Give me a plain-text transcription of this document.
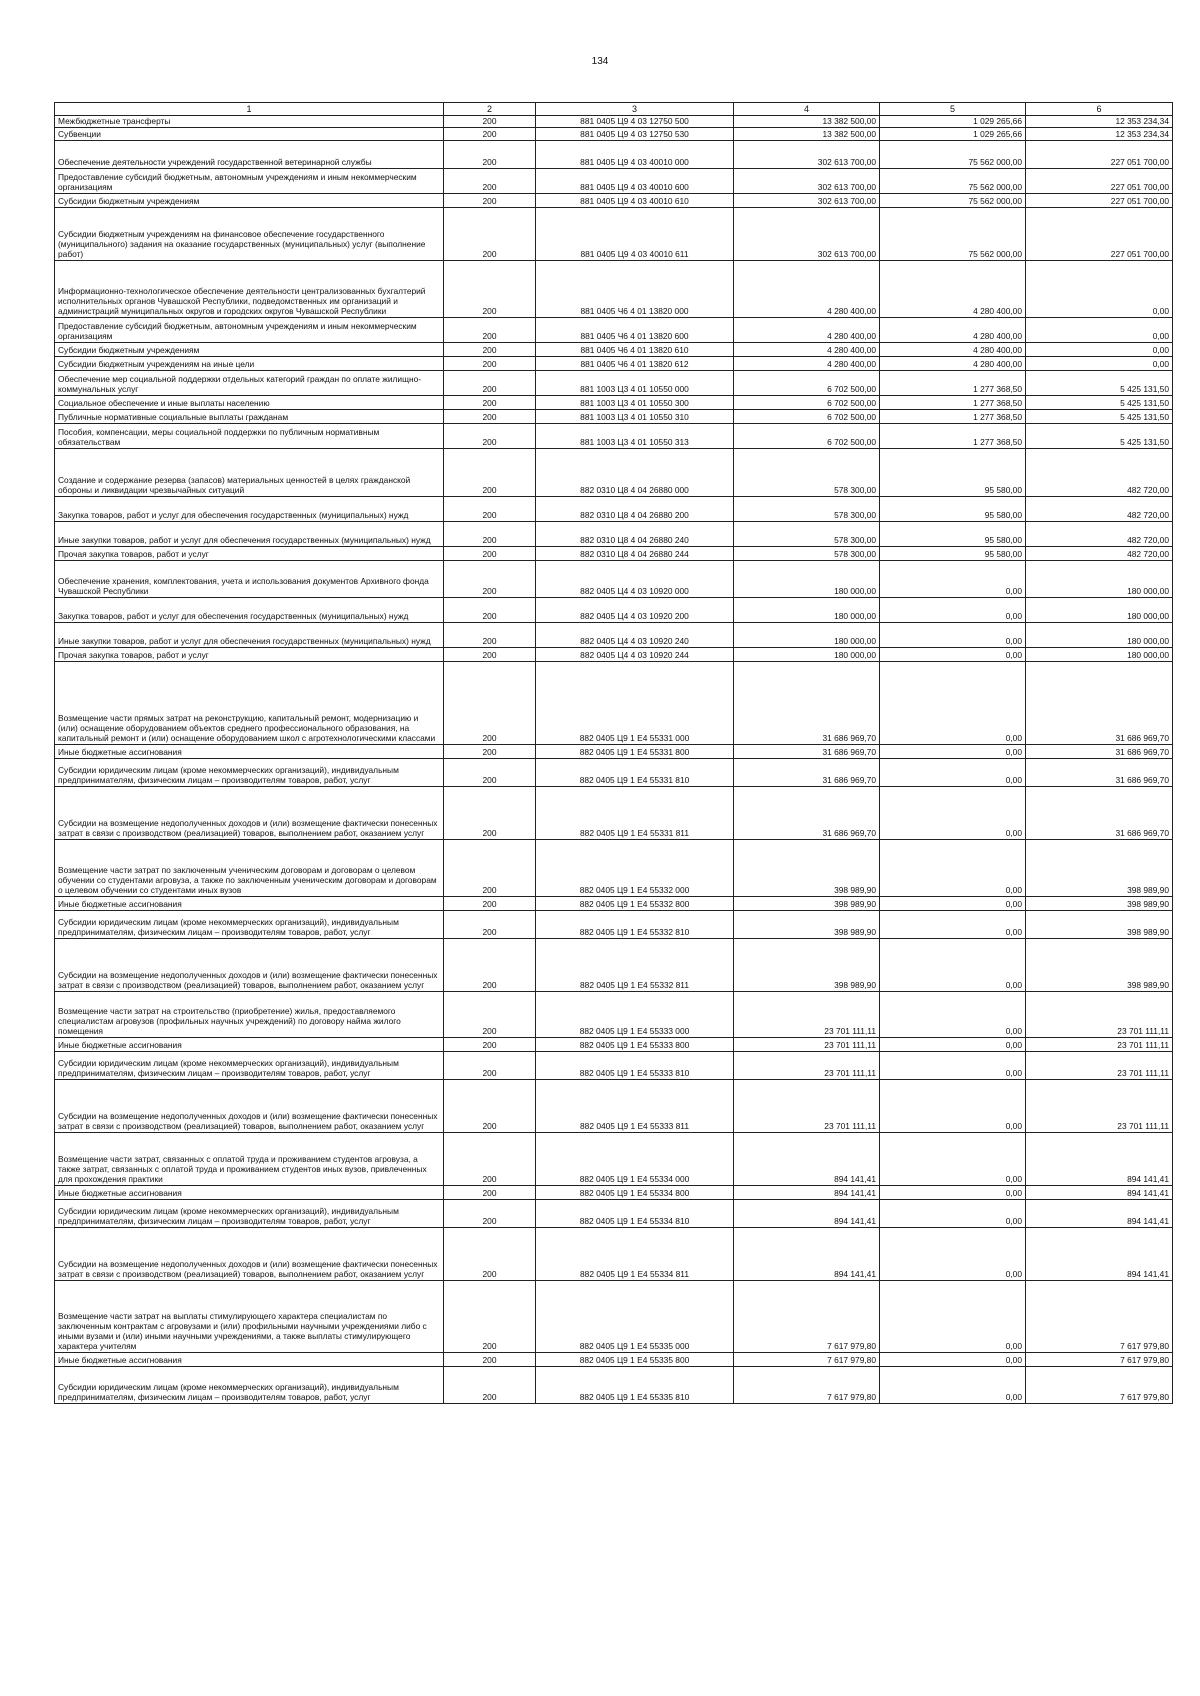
134
1	2	3	4	5	6
Межбюджетные трансферты	200	881 0405 Ц9 4 03 12750 500	13 382 500,00	1 029 265,66	12 353 234,34
Субвенции	200	881 0405 Ц9 4 03 12750 530	13 382 500,00	1 029 265,66	12 353 234,34
Обеспечение деятельности учреждений государственной ветеринарной службы	200	881 0405 Ц9 4 03 40010 000	302 613 700,00	75 562 000,00	227 051 700,00
Предоставление субсидий бюджетным, автономным учреждениям и иным некоммерческим организациям	200	881 0405 Ц9 4 03 40010 600	302 613 700,00	75 562 000,00	227 051 700,00
Субсидии бюджетным учреждениям	200	881 0405 Ц9 4 03 40010 610	302 613 700,00	75 562 000,00	227 051 700,00
Субсидии бюджетным учреждениям на финансовое обеспечение государственного (муниципального) задания на оказание государственных (муниципальных) услуг (выполнение работ)	200	881 0405 Ц9 4 03 40010 611	302 613 700,00	75 562 000,00	227 051 700,00
Информационно-технологическое обеспечение деятельности централизованных бухгалтерий исполнительных органов Чувашской Республики, подведомственных им организаций и администраций муниципальных округов и городских округов Чувашской Республики	200	881 0405 Ч6 4 01 13820 000	4 280 400,00	4 280 400,00	0,00
Предоставление субсидий бюджетным, автономным учреждениям и иным некоммерческим организациям	200	881 0405 Ч6 4 01 13820 600	4 280 400,00	4 280 400,00	0,00
Субсидии бюджетным учреждениям	200	881 0405 Ч6 4 01 13820 610	4 280 400,00	4 280 400,00	0,00
Субсидии бюджетным учреждениям на иные цели	200	881 0405 Ч6 4 01 13820 612	4 280 400,00	4 280 400,00	0,00
Обеспечение мер социальной поддержки отдельных категорий граждан по оплате жилищно-коммунальных услуг	200	881 1003 Ц3 4 01 10550 000	6 702 500,00	1 277 368,50	5 425 131,50
Социальное обеспечение и иные выплаты населению	200	881 1003 Ц3 4 01 10550 300	6 702 500,00	1 277 368,50	5 425 131,50
Публичные нормативные социальные выплаты гражданам	200	881 1003 Ц3 4 01 10550 310	6 702 500,00	1 277 368,50	5 425 131,50
Пособия, компенсации, меры социальной поддержки по публичным нормативным обязательствам	200	881 1003 Ц3 4 01 10550 313	6 702 500,00	1 277 368,50	5 425 131,50
Создание и содержание резерва (запасов) материальных ценностей в целях гражданской обороны и ликвидации чрезвычайных ситуаций	200	882 0310 Ц8 4 04 26880 000	578 300,00	95 580,00	482 720,00
Закупка товаров, работ и услуг для обеспечения государственных (муниципальных) нужд	200	882 0310 Ц8 4 04 26880 200	578 300,00	95 580,00	482 720,00
Иные закупки товаров, работ и услуг для обеспечения государственных (муниципальных) нужд	200	882 0310 Ц8 4 04 26880 240	578 300,00	95 580,00	482 720,00
Прочая закупка товаров, работ и услуг	200	882 0310 Ц8 4 04 26880 244	578 300,00	95 580,00	482 720,00
Обеспечение хранения, комплектования, учета и использования документов Архивного фонда Чувашской Республики	200	882 0405 Ц4 4 03 10920 000	180 000,00	0,00	180 000,00
Закупка товаров, работ и услуг для обеспечения государственных (муниципальных) нужд	200	882 0405 Ц4 4 03 10920 200	180 000,00	0,00	180 000,00
Иные закупки товаров, работ и услуг для обеспечения государственных (муниципальных) нужд	200	882 0405 Ц4 4 03 10920 240	180 000,00	0,00	180 000,00
Прочая закупка товаров, работ и услуг	200	882 0405 Ц4 4 03 10920 244	180 000,00	0,00	180 000,00
Возмещение части прямых затрат на реконструкцию, капитальный ремонт, модернизацию и (или) оснащение оборудованием объектов среднего профессионального образования, на капитальный ремонт и (или) оснащение оборудованием школ с агротехнологическими классами	200	882 0405 Ц9 1 E4 55331 000	31 686 969,70	0,00	31 686 969,70
Иные бюджетные ассигнования	200	882 0405 Ц9 1 E4 55331 800	31 686 969,70	0,00	31 686 969,70
Субсидии юридическим лицам (кроме некоммерческих организаций), индивидуальным предпринимателям, физическим лицам – производителям товаров, работ, услуг	200	882 0405 Ц9 1 E4 55331 810	31 686 969,70	0,00	31 686 969,70
Субсидии на возмещение недополученных доходов и (или) возмещение фактически понесенных затрат в связи с производством (реализацией) товаров, выполнением работ, оказанием услуг	200	882 0405 Ц9 1 E4 55331 811	31 686 969,70	0,00	31 686 969,70
Возмещение части затрат по заключенным ученическим договорам и договорам о целевом обучении со студентами агровуза, а также по заключенным ученическим договорам и договорам о целевом обучении со студентами иных вузов	200	882 0405 Ц9 1 E4 55332 000	398 989,90	0,00	398 989,90
Иные бюджетные ассигнования	200	882 0405 Ц9 1 E4 55332 800	398 989,90	0,00	398 989,90
Субсидии юридическим лицам (кроме некоммерческих организаций), индивидуальным предпринимателям, физическим лицам – производителям товаров, работ, услуг	200	882 0405 Ц9 1 E4 55332 810	398 989,90	0,00	398 989,90
Субсидии на возмещение недополученных доходов и (или) возмещение фактически понесенных затрат в связи с производством (реализацией) товаров, выполнением работ, оказанием услуг	200	882 0405 Ц9 1 E4 55332 811	398 989,90	0,00	398 989,90
Возмещение части затрат на строительство (приобретение) жилья, предоставляемого специалистам агровузов (профильных научных учреждений) по договору найма жилого помещения	200	882 0405 Ц9 1 E4 55333 000	23 701 111,11	0,00	23 701 111,11
Иные бюджетные ассигнования	200	882 0405 Ц9 1 E4 55333 800	23 701 111,11	0,00	23 701 111,11
Субсидии юридическим лицам (кроме некоммерческих организаций), индивидуальным предпринимателям, физическим лицам – производителям товаров, работ, услуг	200	882 0405 Ц9 1 E4 55333 810	23 701 111,11	0,00	23 701 111,11
Субсидии на возмещение недополученных доходов и (или) возмещение фактически понесенных затрат в связи с производством (реализацией) товаров, выполнением работ, оказанием услуг	200	882 0405 Ц9 1 E4 55333 811	23 701 111,11	0,00	23 701 111,11
Возмещение части затрат, связанных с оплатой труда и проживанием студентов агровуза, а также затрат, связанных с оплатой труда и проживанием студентов иных вузов, привлеченных для прохождения практики	200	882 0405 Ц9 1 E4 55334 000	894 141,41	0,00	894 141,41
Иные бюджетные ассигнования	200	882 0405 Ц9 1 E4 55334 800	894 141,41	0,00	894 141,41
Субсидии юридическим лицам (кроме некоммерческих организаций), индивидуальным предпринимателям, физическим лицам – производителям товаров, работ, услуг	200	882 0405 Ц9 1 E4 55334 810	894 141,41	0,00	894 141,41
Субсидии на возмещение недополученных доходов и (или) возмещение фактически понесенных затрат в связи с производством (реализацией) товаров, выполнением работ, оказанием услуг	200	882 0405 Ц9 1 E4 55334 811	894 141,41	0,00	894 141,41
Возмещение части затрат на выплаты стимулирующего характера специалистам по заключенным контрактам с агровузами и (или) профильными научными учреждениями либо с иными вузами и (или) иными научными учреждениями, а также выплаты стимулирующего характера учителям	200	882 0405 Ц9 1 E4 55335 000	7 617 979,80	0,00	7 617 979,80
Иные бюджетные ассигнования	200	882 0405 Ц9 1 E4 55335 800	7 617 979,80	0,00	7 617 979,80
Субсидии юридическим лицам (кроме некоммерческих организаций), индивидуальным предпринимателям, физическим лицам – производителям товаров, работ, услуг	200	882 0405 Ц9 1 E4 55335 810	7 617 979,80	0,00	7 617 979,80
